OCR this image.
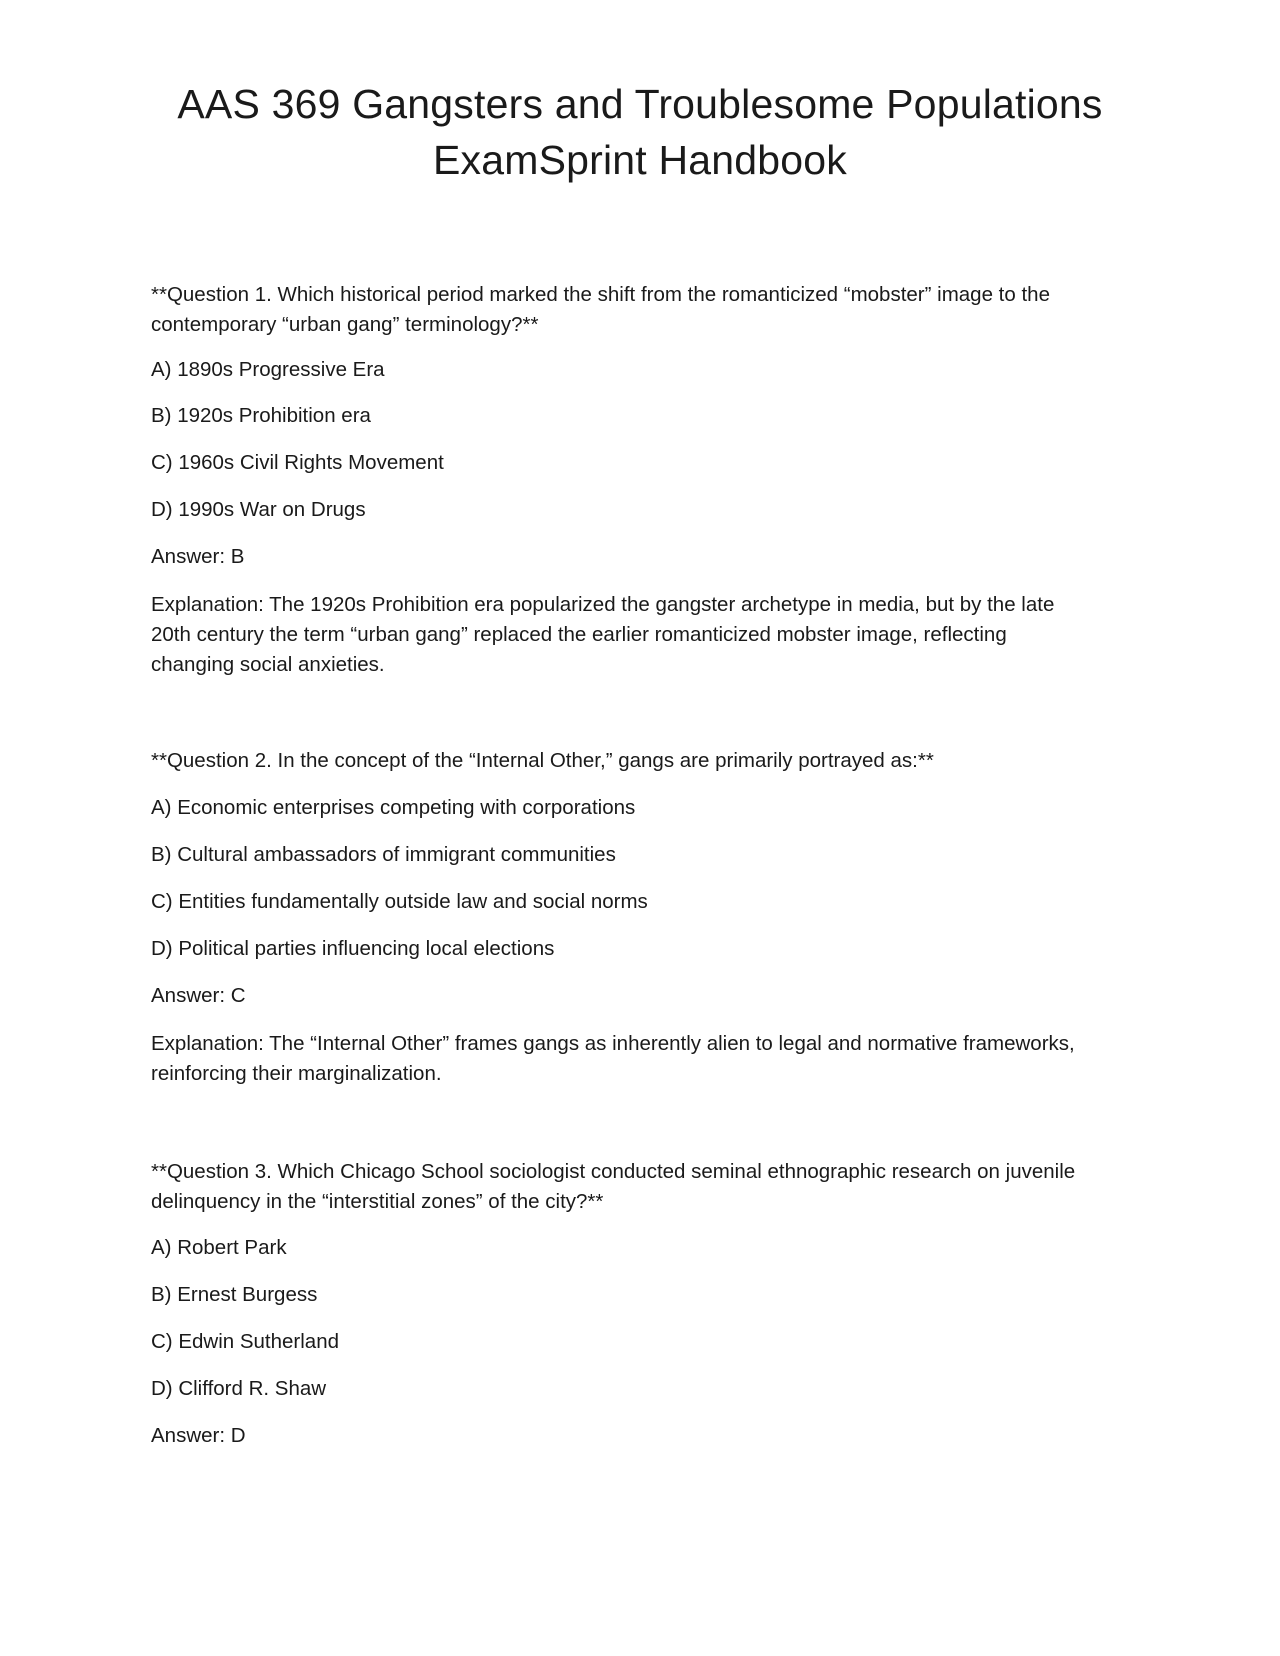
AAS 369 Gangsters and Troublesome Populations
ExamSprint Handbook

**Question 1. Which historical period marked the shift from the romanticized “mobster” image to the
contemporary “urban gang” terminology?**

A) 1890s Progressive Era

B) 1920s Prohibition era

C) 1960s Civil Rights Movement

D) 1990s War on Drugs

Answer: B

Explanation: The 1920s Prohibition era popularized the gangster archetype in media, but by the late
20th century the term “urban gang” replaced the earlier romanticized mobster image, reflecting
changing social anxieties.

**Question 2. In the concept of the “Internal Other,” gangs are primarily portrayed as:**

A) Economic enterprises competing with corporations

B) Cultural ambassadors of immigrant communities

C) Entities fundamentally outside law and social norms

D) Political parties influencing local elections

Answer: C

Explanation: The “Internal Other” frames gangs as inherently alien to legal and normative frameworks,
reinforcing their marginalization.

**Question 3. Which Chicago School sociologist conducted seminal ethnographic research on juvenile
delinquency in the “interstitial zones” of the city?**

A) Robert Park

B) Ernest Burgess

C) Edwin Sutherland

D) Clifford R. Shaw

Answer: D
